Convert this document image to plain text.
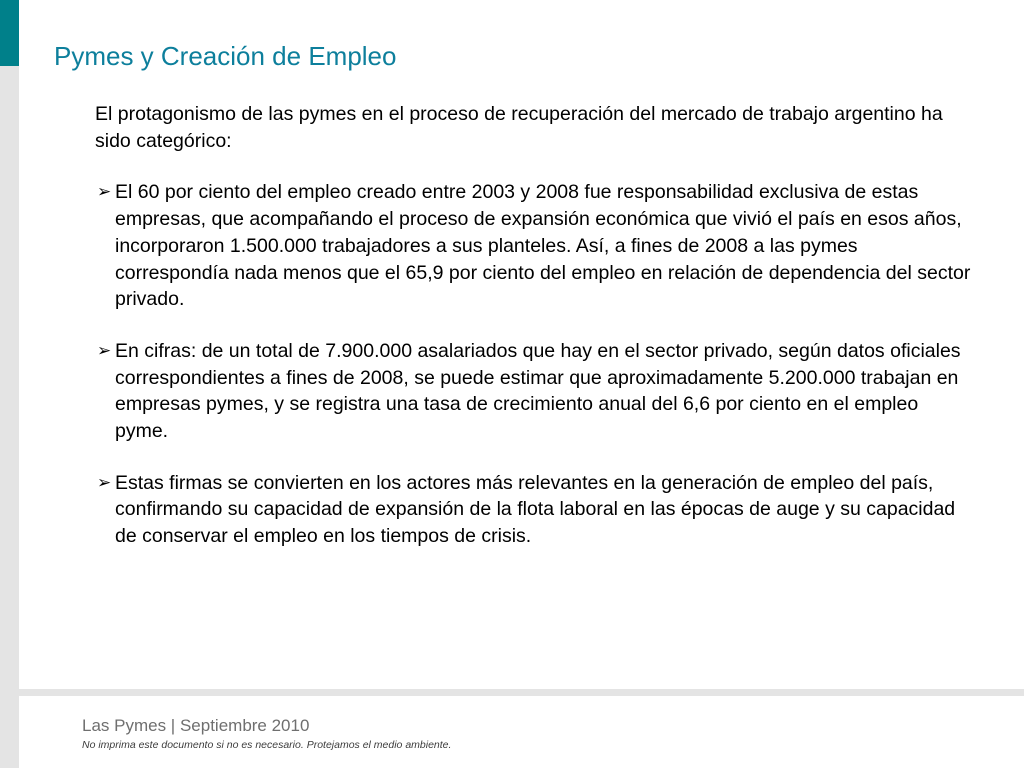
Pymes y Creación de Empleo

El protagonismo de las pymes en el proceso de recuperación del mercado de trabajo argentino ha sido categórico:

➢ El 60 por ciento del empleo creado entre 2003 y 2008 fue responsabilidad exclusiva de estas empresas, que acompañando el proceso de expansión económica que vivió el país en esos años, incorporaron 1.500.000 trabajadores a sus planteles. Así, a fines de 2008 a las pymes correspondía nada menos que el 65,9 por ciento del empleo en relación de dependencia del sector privado.
➢ En cifras: de un total de 7.900.000 asalariados que hay en el sector privado, según datos oficiales correspondientes a fines de 2008, se puede estimar que aproximadamente 5.200.000 trabajan en empresas pymes, y se registra una tasa de crecimiento anual del 6,6 por ciento en el empleo pyme.
➢ Estas firmas se convierten en los actores más relevantes en la generación de empleo del país, confirmando su capacidad de expansión de la flota laboral en las épocas de auge y su capacidad de conservar el empleo en los tiempos de crisis.
Las Pymes | Septiembre 2010
No imprima este documento si no es necesario. Protejamos el medio ambiente.
